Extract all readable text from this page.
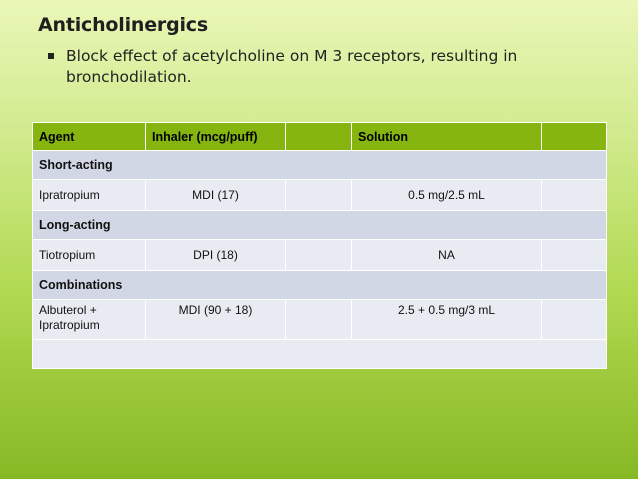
Anticholinergics
Block effect of acetylcholine on M 3 receptors, resulting in bronchodilation.
Agent	Inhaler (mcg/puff)		Solution	
Short-acting				
Ipratropium	MDI (17)		0.5 mg/2.5 mL	
Long-acting				
Tiotropium	DPI (18)		NA	
Combinations				
Albuterol + Ipratropium	MDI (90 + 18)		2.5 + 0.5 mg/3 mL	
